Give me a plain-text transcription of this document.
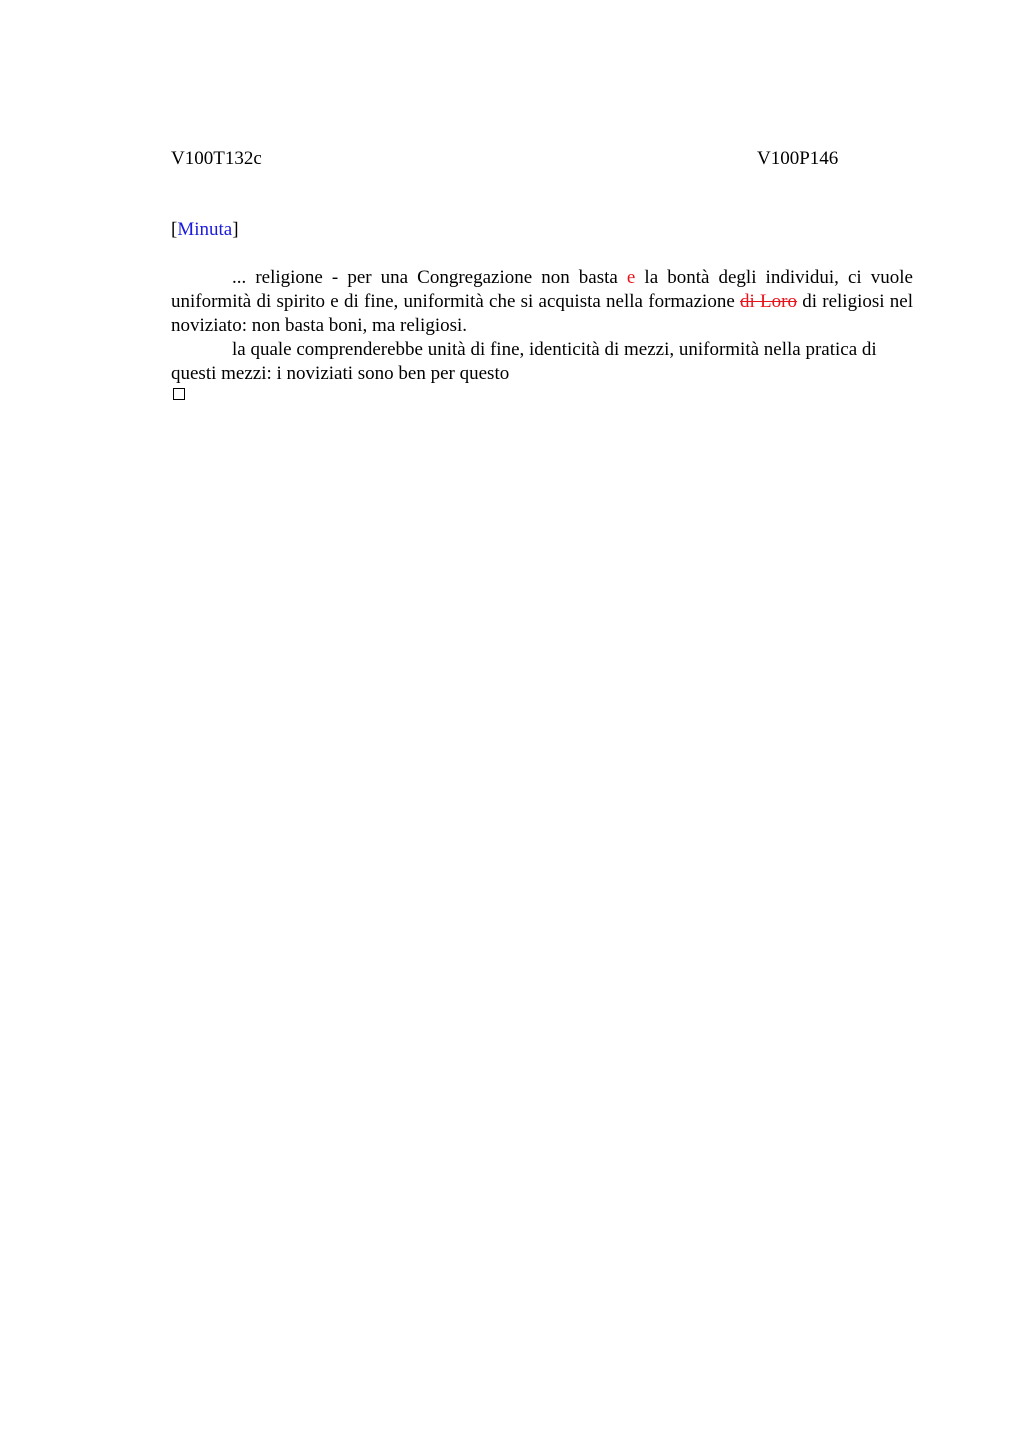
V100T132c	V100P146
[Minuta]

... religione - per una Congregazione non basta e la bontà degli individui, ci vuole uniformità di spirito e di fine, uniformità che si acquista nella formazione di Loro di religiosi nel noviziato: non basta boni, ma religiosi.

la quale comprenderebbe unità di fine, identicità di mezzi, uniformità nella pratica di questi mezzi: i noviziati sono ben per questo
